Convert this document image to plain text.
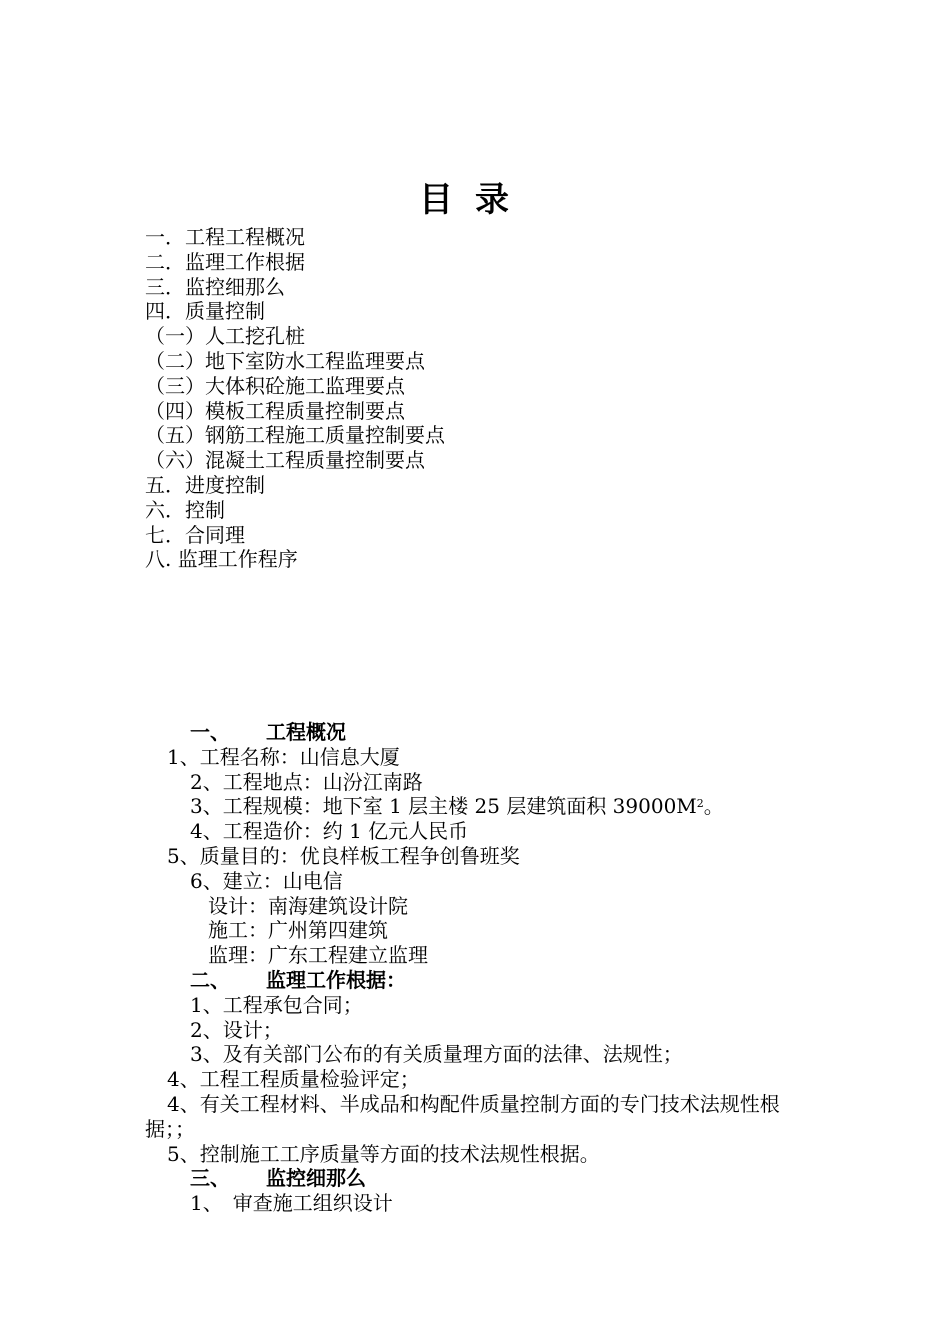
目录
一．工程工程概况
二．监理工作根据
三．监控细那么
四．质量控制
（一）人工挖孔桩
（二）地下室防水工程监理要点
（三）大体积砼施工监理要点
（四）模板工程质量控制要点
（五）钢筋工程施工质量控制要点
（六）混凝土工程质量控制要点
五．进度控制
六．控制
七．合同理
八. 监理工作程序
一、 工程概况
1、工程名称：山信息大厦
2、工程地点：山汾江南路
3、工程规模：地下室 1 层主楼 25 层建筑面积 $39000M^2$。
4、工程造价：约 1 亿元人民币
5、质量目的：优良样板工程争创鲁班奖
6、建立：山电信
设计：南海建筑设计院
施工：广州第四建筑
监理：广东工程建立监理
二、 监理工作根据：
1、工程承包合同；
2、设计；
3、及有关部门公布的有关质量理方面的法律、法规性；
4、工程工程质量检验评定；
4、有关工程材料、半成品和构配件质量控制方面的专门技术法规性根据；；
5、控制施工工序质量等方面的技术法规性根据。
三、 监控细那么
1、　审查施工组织设计
